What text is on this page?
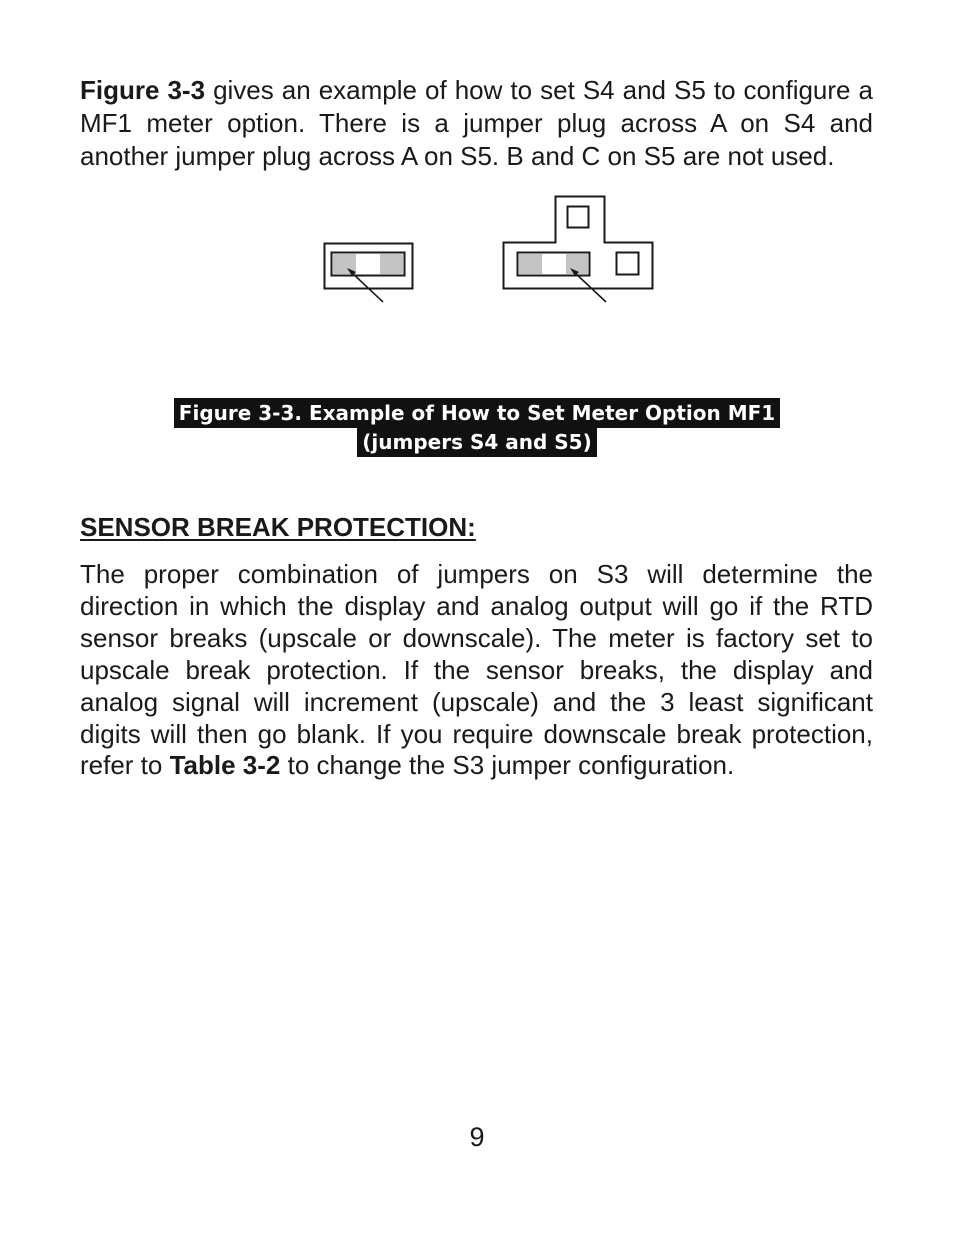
Figure 3-3 gives an example of how to set S4 and S5 to configure a MF1 meter option. There is a jumper plug across A on S4 and another jumper plug across A on S5. B and C on S5 are not used.

Figure 3-3. Example of How to Set Meter Option MF1
(jumpers S4 and S5)
SENSOR BREAK PROTECTION:

The proper combination of jumpers on S3 will determine the direction in which the display and analog output will go if the RTD sensor breaks (upscale or downscale). The meter is factory set to upscale break protection. If the sensor breaks, the display and analog signal will increment (upscale) and the 3 least significant digits will then go blank. If you require downscale break protection, refer to Table 3-2 to change the S3 jumper configuration.

9
